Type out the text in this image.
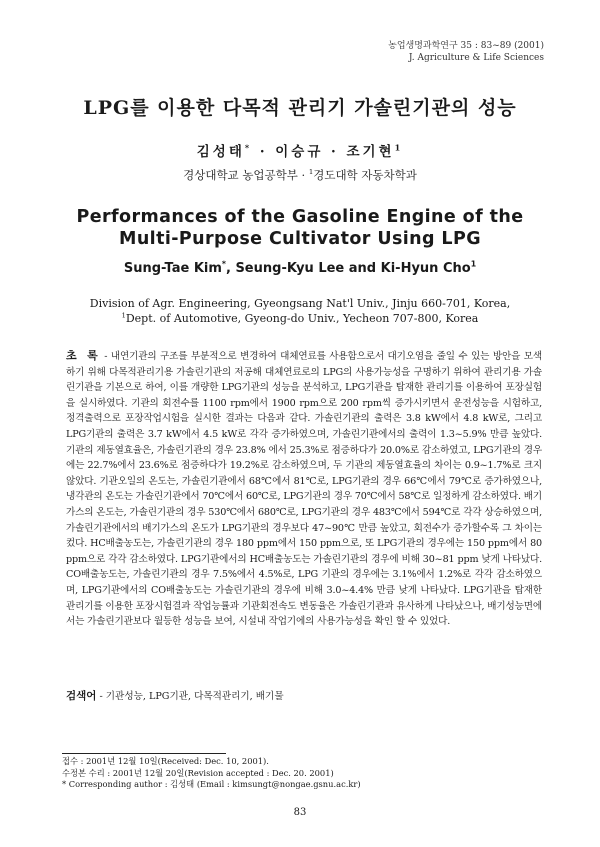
농업생명과학연구 35 : 83~89 (2001)
J. Agriculture & Life Sciences
LPG를 이용한 다목적 관리기 가솔린기관의 성능
김성태* · 이승규 · 조기현$^1$
경상대학교 농업공학부 · $^1$경도대학 자동차학과
Performances of the Gasoline Engine of the
Multi-Purpose Cultivator Using LPG
Sung-Tae Kim*, Seung-Kyu Lee and Ki-Hyun Cho$^1$
Division of Agr. Engineering, Gyeongsang Nat'l Univ., Jinju 660-701, Korea,
$^1$Dept. of Automotive, Gyeong-do Univ., Yecheon 707-800, Korea
초 록 - 내연기관의 구조를 부분적으로 변경하여 대체연료를 사용함으로서 대기오염을 줄일 수 있는 방안을 모색하기 위해 다목적관리기용 가솔린기관의 저공해 대체연료로의 LPG의 사용가능성을 구명하기 위하여 관리기용 가솔린기관을 기본으로 하여, 이를 개량한 LPG기관의 성능을 분석하고, LPG기관을 탑재한 관리기를 이용하여 포장실험을 실시하였다. 기관의 회전수를 1100 rpm에서 1900 rpm으로 200 rpm씩 증가시키면서 운전성능을 시험하고, 정격출력으로 포장작업시험을 실시한 결과는 다음과 같다. 가솔린기관의 출력은 3.8 kW에서 4.8 kW로, 그리고 LPG기관의 출력은 3.7 kW에서 4.5 kW로 각각 증가하였으며, 가솔린기관에서의 출력이 1.3~5.9% 만큼 높았다. 기관의 제동열효율은, 가솔린기관의 경우 23.8% 에서 25.3%로 점증하다가 20.0%로 감소하였고, LPG기관의 경우에는 22.7%에서 23.6%로 점증하다가 19.2%로 감소하였으며, 두 기관의 제동열효율의 차이는 0.9~1.7%로 크지 않았다. 기관오일의 온도는, 가솔린기관에서 68℃에서 81℃로, LPG기관의 경우 66℃에서 79℃로 증가하였으나, 냉각관의 온도는 가솔린기관에서 70℃에서 60℃로, LPG기관의 경우 70℃에서 58℃로 일정하게 감소하였다. 배기가스의 온도는, 가솔린기관의 경우 530℃에서 680℃로, LPG기관의 경우 483℃에서 594℃로 각각 상승하였으며, 가솔린기관에서의 배기가스의 온도가 LPG기관의 경우보다 47~90℃ 만큼 높았고, 회전수가 증가할수록 그 차이는 컸다. HC배출농도는, 가솔린기관의 경우 180 ppm에서 150 ppm으로, 또 LPG기관의 경우에는 150 ppm에서 80 ppm으로 각각 감소하였다. LPG기관에서의 HC배출농도는 가솔린기관의 경우에 비해 30~81 ppm 낮게 나타났다. CO배출농도는, 가솔린기관의 경우 7.5%에서 4.5%로, LPG 기관의 경우에는 3.1%에서 1.2%로 각각 감소하였으며, LPG기관에서의 CO배출농도는 가솔린기관의 경우에 비해 3.0~4.4% 만큼 낮게 나타났다. LPG기관을 탑재한 관리기를 이용한 포장시험결과 작업능률과 기관회전속도 변동율은 가솔린기관과 유사하게 나타났으나, 배기성능면에서는 가솔린기관보다 월등한 성능을 보여, 시설내 작업기에의 사용가능성을 확인 할 수 있었다.
검색어 - 기관성능, LPG기관, 다목적관리기, 배기물
접수 : 2001년 12월 10일(Received: Dec. 10, 2001).
수정본 수리 : 2001년 12월 20일(Revision accepted : Dec. 20. 2001)
* Corresponding author : 김성태 (Email : kimsungt@nongae.gsnu.ac.kr)
83
